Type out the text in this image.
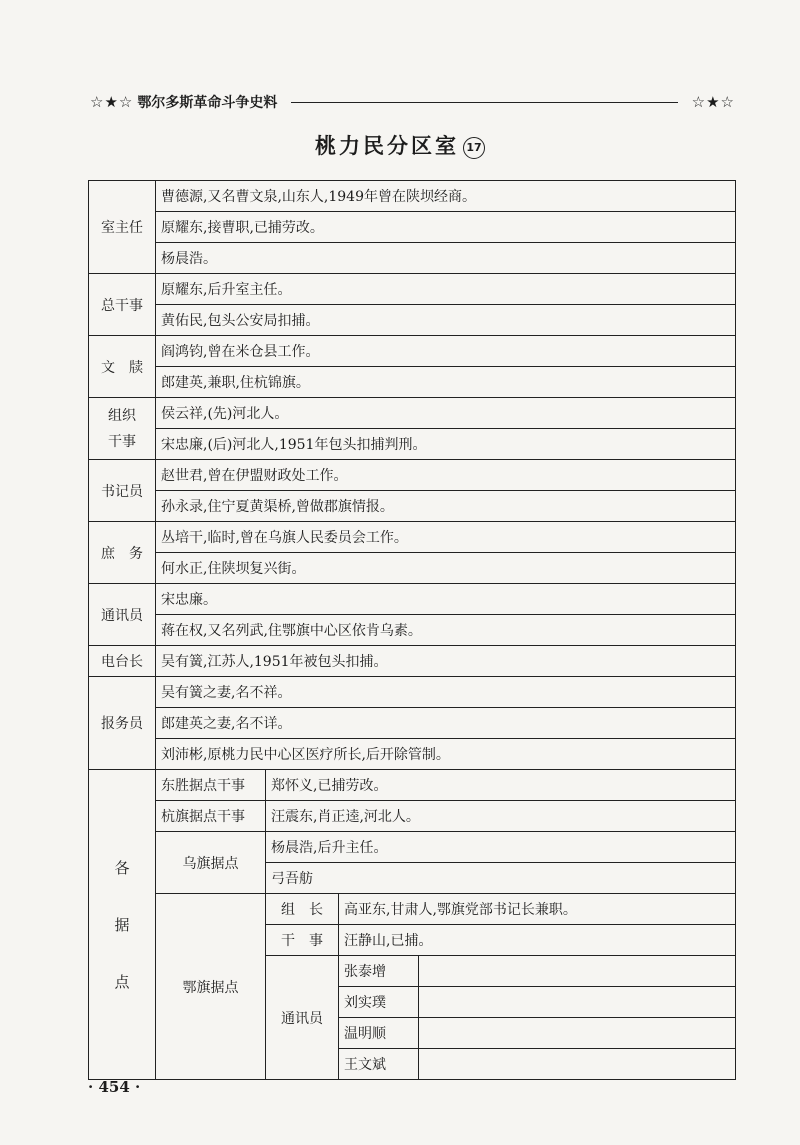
☆★☆ 鄂尔多斯革命斗争史料	☆★☆
桃力民分区室 17
室主任	曹德源,又名曹文泉,山东人,1949年曾在陕坝经商。			
	原耀东,接曹职,已捕劳改。			
	杨晨浩。			
总干事	原耀东,后升室主任。			
	黄佑民,包头公安局扣捕。			
文　牍	阎鸿钧,曾在米仓县工作。			
	郎建英,兼职,住杭锦旗。			
组织
干事	侯云祥,(先)河北人。			
	宋忠廉,(后)河北人,1951年包头扣捕判刑。			
书记员	赵世君,曾在伊盟财政处工作。			
	孙永录,住宁夏黄渠桥,曾做郡旗情报。			
庶　务	丛培干,临时,曾在乌旗人民委员会工作。			
	何水正,住陕坝复兴街。			
通讯员	宋忠廉。			
	蒋在权,又名列武,住鄂旗中心区依肯乌素。			
电台长	吴有簧,江苏人,1951年被包头扣捕。			
报务员	吴有簧之妻,名不祥。			
	郎建英之妻,名不详。			
	刘沛彬,原桃力民中心区医疗所长,后开除管制。			

各
据
点	东胜据点干事	郑怀义,已捕劳改。		
	杭旗据点干事	汪震东,肖正逵,河北人。		
	乌旗据点	杨晨浩,后升主任。		
		弓吾舫		
	鄂旗据点	组　长	高亚东,甘肃人,鄂旗党部书记长兼职。	
		干　事	汪静山,已捕。	
		通讯员	张泰增	
			刘实璞	
			温明顺	
			王文斌	
· 454 ·
